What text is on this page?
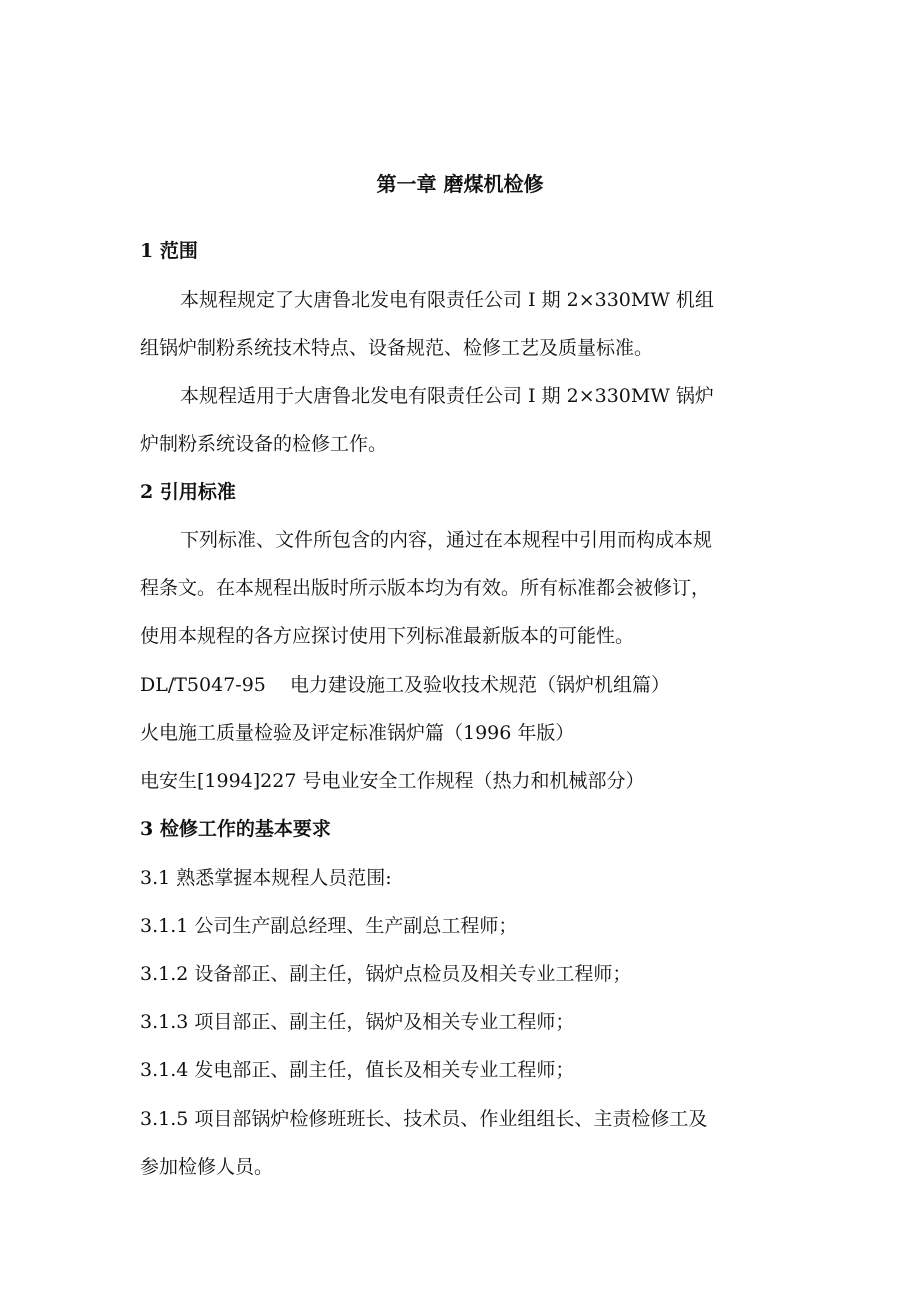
第一章 磨煤机检修
1 范围
本规程规定了大唐鲁北发电有限责任公司 I 期 2×330MW 机组
组锅炉制粉系统技术特点、设备规范、检修工艺及质量标准。
本规程适用于大唐鲁北发电有限责任公司 I 期 2×330MW 锅炉
炉制粉系统设备的检修工作。
2 引用标准
下列标准、文件所包含的内容，通过在本规程中引用而构成本规
程条文。在本规程出版时所示版本均为有效。所有标准都会被修订，
使用本规程的各方应探讨使用下列标准最新版本的可能性。
DL/T5047-95    电力建设施工及验收技术规范（锅炉机组篇）
火电施工质量检验及评定标准锅炉篇（1996 年版）
电安生[1994]227 号电业安全工作规程（热力和机械部分）
3 检修工作的基本要求
3.1 熟悉掌握本规程人员范围:
3.1.1 公司生产副总经理、生产副总工程师；
3.1.2 设备部正、副主任，锅炉点检员及相关专业工程师；
3.1.3 项目部正、副主任，锅炉及相关专业工程师；
3.1.4 发电部正、副主任，值长及相关专业工程师；
3.1.5 项目部锅炉检修班班长、技术员、作业组组长、主责检修工及
参加检修人员。
